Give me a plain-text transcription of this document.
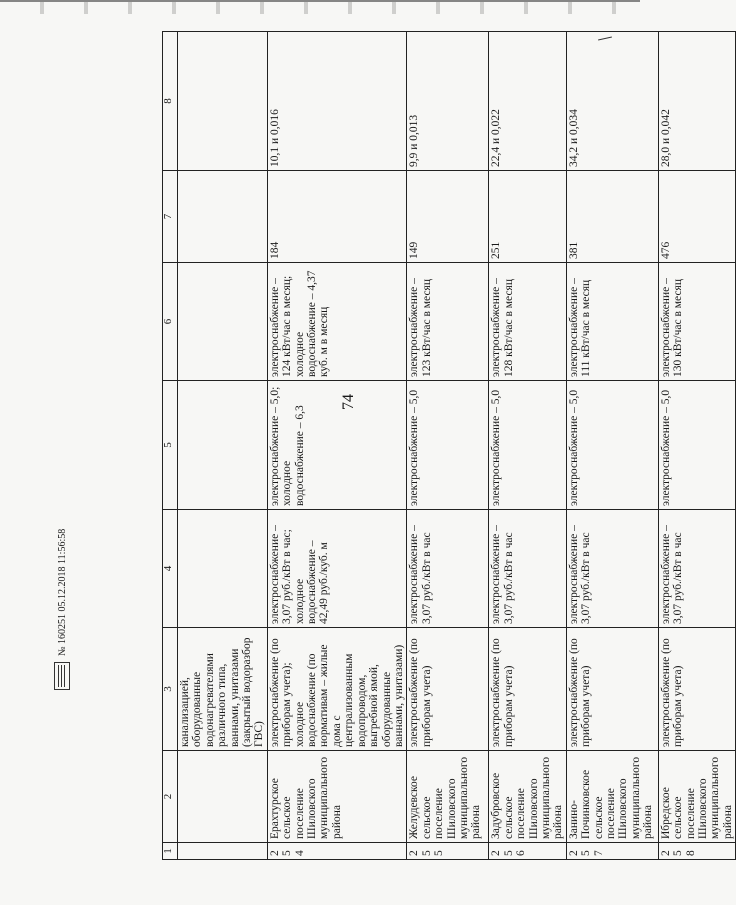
74
1	2	3	4	5	6	7	8
		канализацией, оборудованные водонагревателями различного типа, ваннами, унитазами (закрытый водоразбор ГВС)					
254	Ерахтурское сельское поселение Шиловского муниципального района	электроснабжение (по приборам учета); холодное водоснабжение (по нормативам – жилые дома с централизованным водопроводом, выгребной ямой, оборудованные ваннами, унитазами)	электроснабжение – 3,07 руб./кВт в час; холодное водоснабжение – 42,49 руб./куб. м	электроснабжение – 5,0; холодное водоснабжение – 6,3	электроснабжение – 124 кВт/час в месяц; холодное водоснабжение – 4,37 куб. м в месяц	184	10,1 и 0,016
255	Желудевское сельское поселение Шиловского муниципального района	электроснабжение (по приборам учета)	электроснабжение – 3,07 руб./кВт в час	электроснабжение – 5,0	электроснабжение – 123 кВт/час в месяц	149	9,9 и 0,013
256	Задубровское сельское поселение Шиловского муниципального района	электроснабжение (по приборам учета)	электроснабжение – 3,07 руб./кВт в час	электроснабжение – 5,0	электроснабжение – 128 кВт/час в месяц	251	22,4 и 0,022
257	Занино-Починковское сельское поселение Шиловского муниципального района	электроснабжение (по приборам учета)	электроснабжение – 3,07 руб./кВт в час	электроснабжение – 5,0	электроснабжение – 111 кВт/час в месяц	381	34,2 и 0,034
258	Ибредское сельское поселение Шиловского муниципального района	электроснабжение (по приборам учета)	электроснабжение – 3,07 руб./кВт в час	электроснабжение – 5,0	электроснабжение – 130 кВт/час в месяц	476	28,0 и 0,042
№ 160251 05.12.2018 11:56:58
